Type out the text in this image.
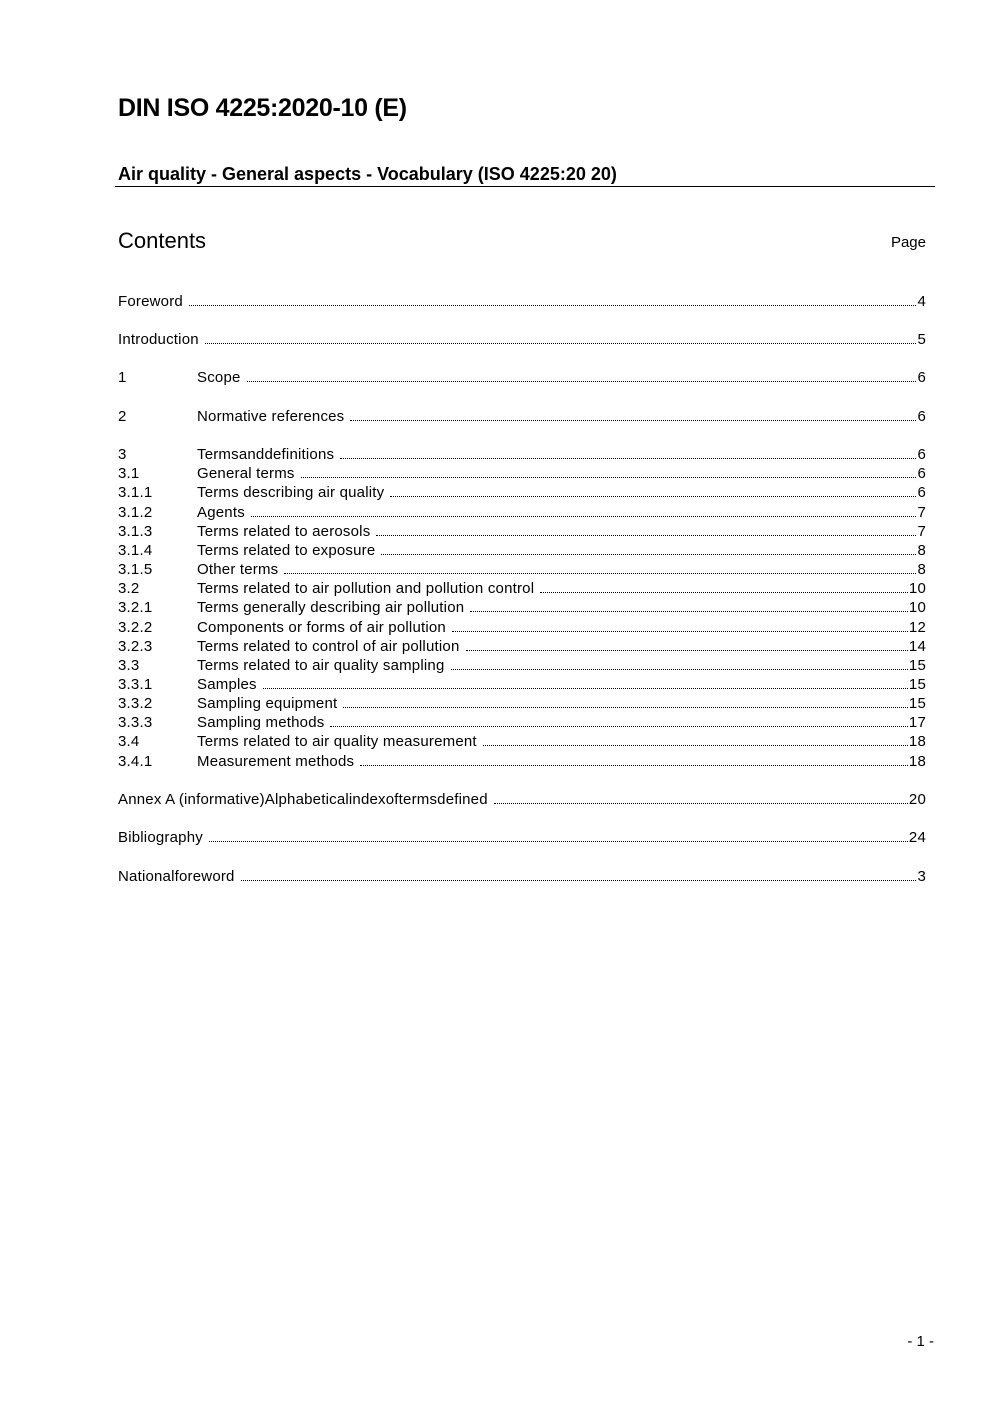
DIN ISO 4225:2020-10 (E)
Air quality - General aspects - Vocabulary (ISO 4225:20 20)
Contents	Page
Foreword	4
Introduction	5
1	Scope	6
2	Normative references	6
3	Termsanddefinitions	6
3.1	General terms	6
3.1.1	Terms describing air quality	6
3.1.2	Agents	7
3.1.3	Terms related to aerosols	7
3.1.4	Terms related to exposure	8
3.1.5	Other terms	8
3.2	Terms related to air pollution and pollution control	10
3.2.1	Terms generally describing air pollution	10
3.2.2	Components or forms of air pollution	12
3.2.3	Terms related to control of air pollution	14
3.3	Terms related to air quality sampling	15
3.3.1	Samples	15
3.3.2	Sampling equipment	15
3.3.3	Sampling methods	17
3.4	Terms related to air quality measurement	18
3.4.1	Measurement methods	18
Annex A (informative)Alphabeticalindexoftermsdefined	20
Bibliography	24
Nationalforeword	3
- 1 -
